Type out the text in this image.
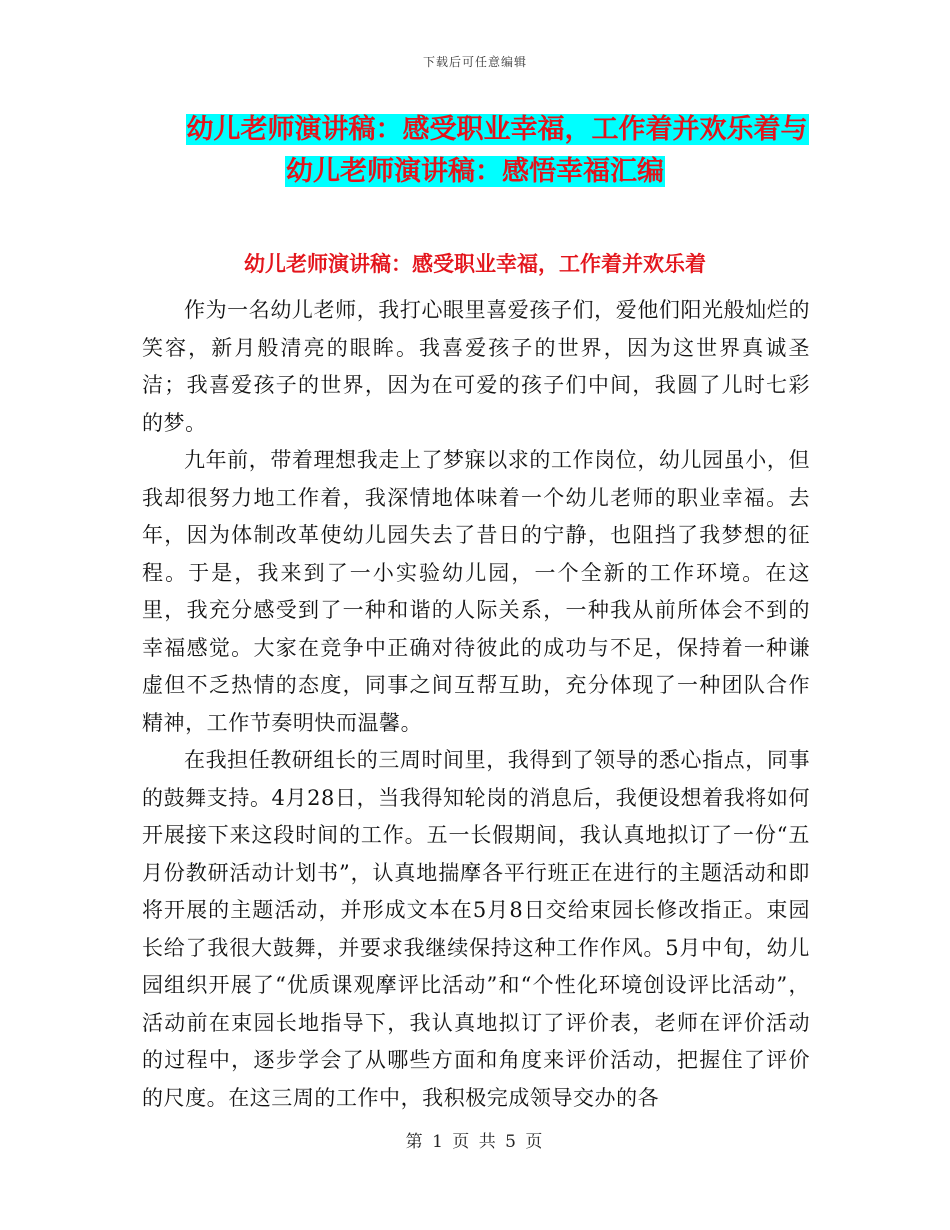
下载后可任意编辑
幼儿老师演讲稿：感受职业幸福，工作着并欢乐着与
幼儿老师演讲稿：感悟幸福汇编
幼儿老师演讲稿：感受职业幸福，工作着并欢乐着

作为一名幼儿老师，我打心眼里喜爱孩子们，爱他们阳光般灿烂的笑容，新月般清亮的眼眸。我喜爱孩子的世界，因为这世界真诚圣洁；我喜爱孩子的世界，因为在可爱的孩子们中间，我圆了儿时七彩的梦。

九年前，带着理想我走上了梦寐以求的工作岗位，幼儿园虽小，但我却很努力地工作着，我深情地体味着一个幼儿老师的职业幸福。去年，因为体制改革使幼儿园失去了昔日的宁静，也阻挡了我梦想的征程。于是，我来到了一小实验幼儿园，一个全新的工作环境。在这里，我充分感受到了一种和谐的人际关系，一种我从前所体会不到的幸福感觉。大家在竞争中正确对待彼此的成功与不足，保持着一种谦虚但不乏热情的态度，同事之间互帮互助，充分体现了一种团队合作精神，工作节奏明快而温馨。

在我担任教研组长的三周时间里，我得到了领导的悉心指点，同事的鼓舞支持。4月28日，当我得知轮岗的消息后，我便设想着我将如何开展接下来这段时间的工作。五一长假期间，我认真地拟订了一份“五月份教研活动计划书”，认真地揣摩各平行班正在进行的主题活动和即将开展的主题活动，并形成文本在5月8日交给束园长修改指正。束园长给了我很大鼓舞，并要求我继续保持这种工作作风。5月中旬，幼儿园组织开展了“优质课观摩评比活动”和“个性化环境创设评比活动”，活动前在束园长地指导下，我认真地拟订了评价表，老师在评价活动的过程中，逐步学会了从哪些方面和角度来评价活动，把握住了评价的尺度。在这三周的工作中，我积极完成领导交办的各

第 1 页 共 5 页
